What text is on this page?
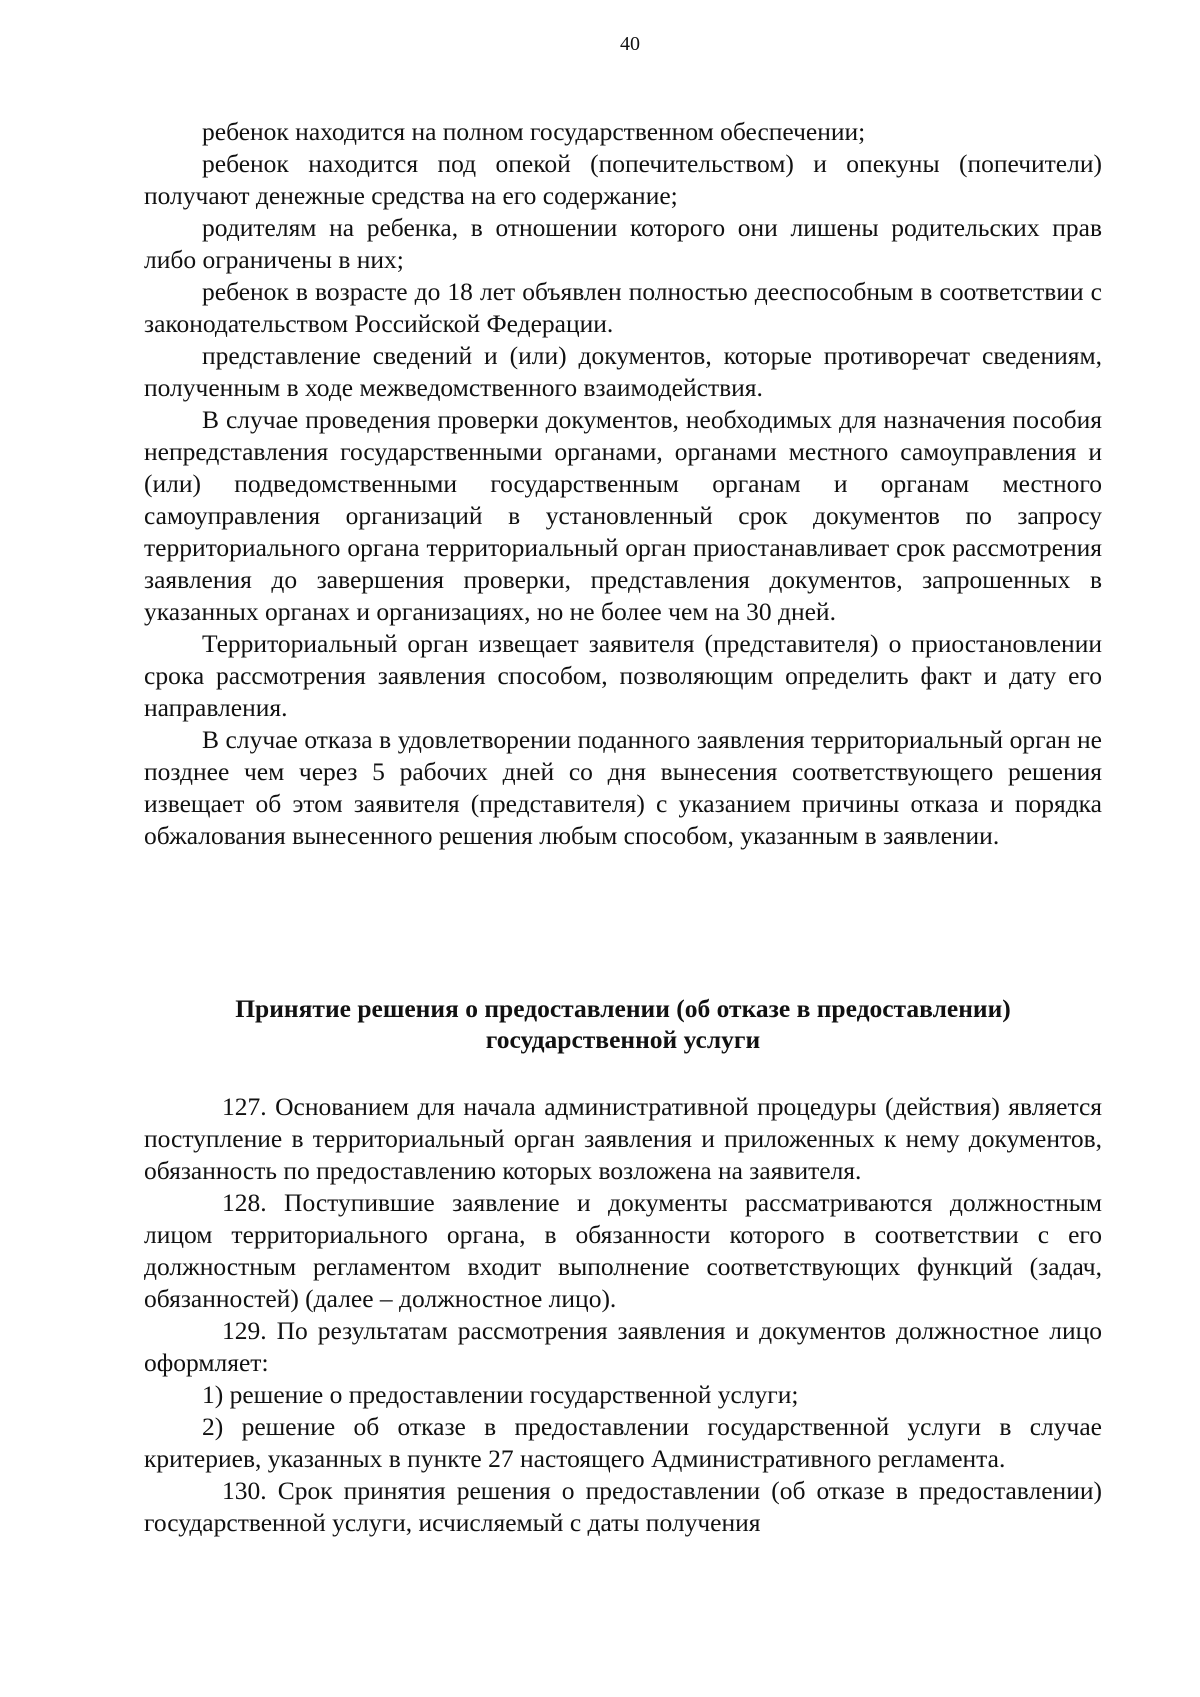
40

ребенок находится на полном государственном обеспечении;

ребенок находится под опекой (попечительством) и опекуны (попечители) получают денежные средства на его содержание;

родителям на ребенка, в отношении которого они лишены родительских прав либо ограничены в них;

ребенок в возрасте до 18 лет объявлен полностью дееспособным в соответствии с законодательством Российской Федерации.

представление сведений и (или) документов, которые противоречат сведениям, полученным в ходе межведомственного взаимодействия.

В случае проведения проверки документов, необходимых для назначения пособия непредставления государственными органами, органами местного самоуправления и (или) подведомственными государственным органам и органам местного самоуправления организаций в установленный срок документов по запросу территориального органа территориальный орган приостанавливает срок рассмотрения заявления до завершения проверки, представления документов, запрошенных в указанных органах и организациях, но не более чем на 30 дней.

Территориальный орган извещает заявителя (представителя) о приостановлении срока рассмотрения заявления способом, позволяющим определить факт и дату его направления.

В случае отказа в удовлетворении поданного заявления территориальный орган не позднее чем через 5 рабочих дней со дня вынесения соответствующего решения извещает об этом заявителя (представителя) с указанием причины отказа и порядка обжалования вынесенного решения любым способом, указанным в заявлении.

Принятие решения о предоставлении (об отказе в предоставлении)
государственной услуги

127. Основанием для начала административной процедуры (действия) является поступление в территориальный орган заявления и приложенных к нему документов, обязанность по предоставлению которых возложена на заявителя.

128. Поступившие заявление и документы рассматриваются должностным лицом территориального органа, в обязанности которого в соответствии с его должностным регламентом входит выполнение соответствующих функций (задач, обязанностей) (далее – должностное лицо).

129. По результатам рассмотрения заявления и документов должностное лицо оформляет:

1) решение о предоставлении государственной услуги;

2) решение об отказе в предоставлении государственной услуги в случае критериев, указанных в пункте 27 настоящего Административного регламента.

130. Срок принятия решения о предоставлении (об отказе в предоставлении) государственной услуги, исчисляемый с даты получения
